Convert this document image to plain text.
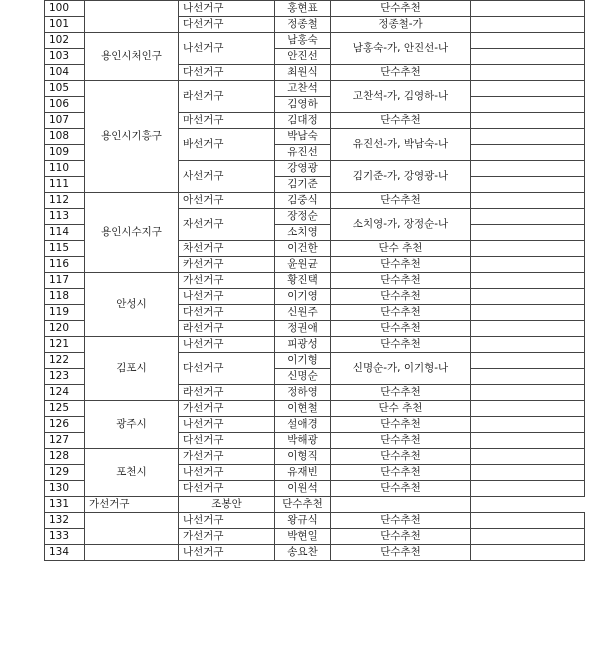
100		나선거구	홍현표	단수추천	
101		다선거구	정종철	정종철-가	
102	용인시처인구	나선거구	남홍숙	남홍숙-가, 안진선-나	
103			안진선		
104		다선거구	최원식	단수추천	
105	용인시기흥구	라선거구	고찬석	고찬석-가, 김영하-나	
106			김영하		
107		마선거구	김대정	단수추천	
108		바선거구	박남숙	유진선-가, 박남숙-나	
109			유진선		
110		사선거구	강영광	김기준-가, 강영광-나	
111			김기준		
112	용인시수지구	아선거구	김중식	단수추천	
113		자선거구	장정순	소치영-가, 장정순-나	
114			소치영		
115		차선거구	이건한	단수 추천	
116		카선거구	윤원균	단수추천	
117	안성시	가선거구	황진택	단수추천	
118		나선거구	이기영	단수추천	
119		다선거구	신원주	단수추천	
120		라선거구	정권애	단수추천	
121	김포시	나선거구	피광성	단수추천	
122		다선거구	이기형	신명순-가, 이기형-나	
123			신명순		
124		라선거구	정하영	단수추천	
125	광주시	가선거구	이현철	단수 추천	
126		나선거구	설애경	단수추천	
127		다선거구	박해광	단수추천	
128	포천시	가선거구	이형직	단수추천	
129		나선거구	유재빈	단수추천	
130		다선거구	이원석	단수추천	
131	가선거구	조봉안	단수추천		
132		나선거구	왕규식	단수추천	
133		가선거구	박현일	단수추천	
134		나선거구	송요찬	단수추천	
